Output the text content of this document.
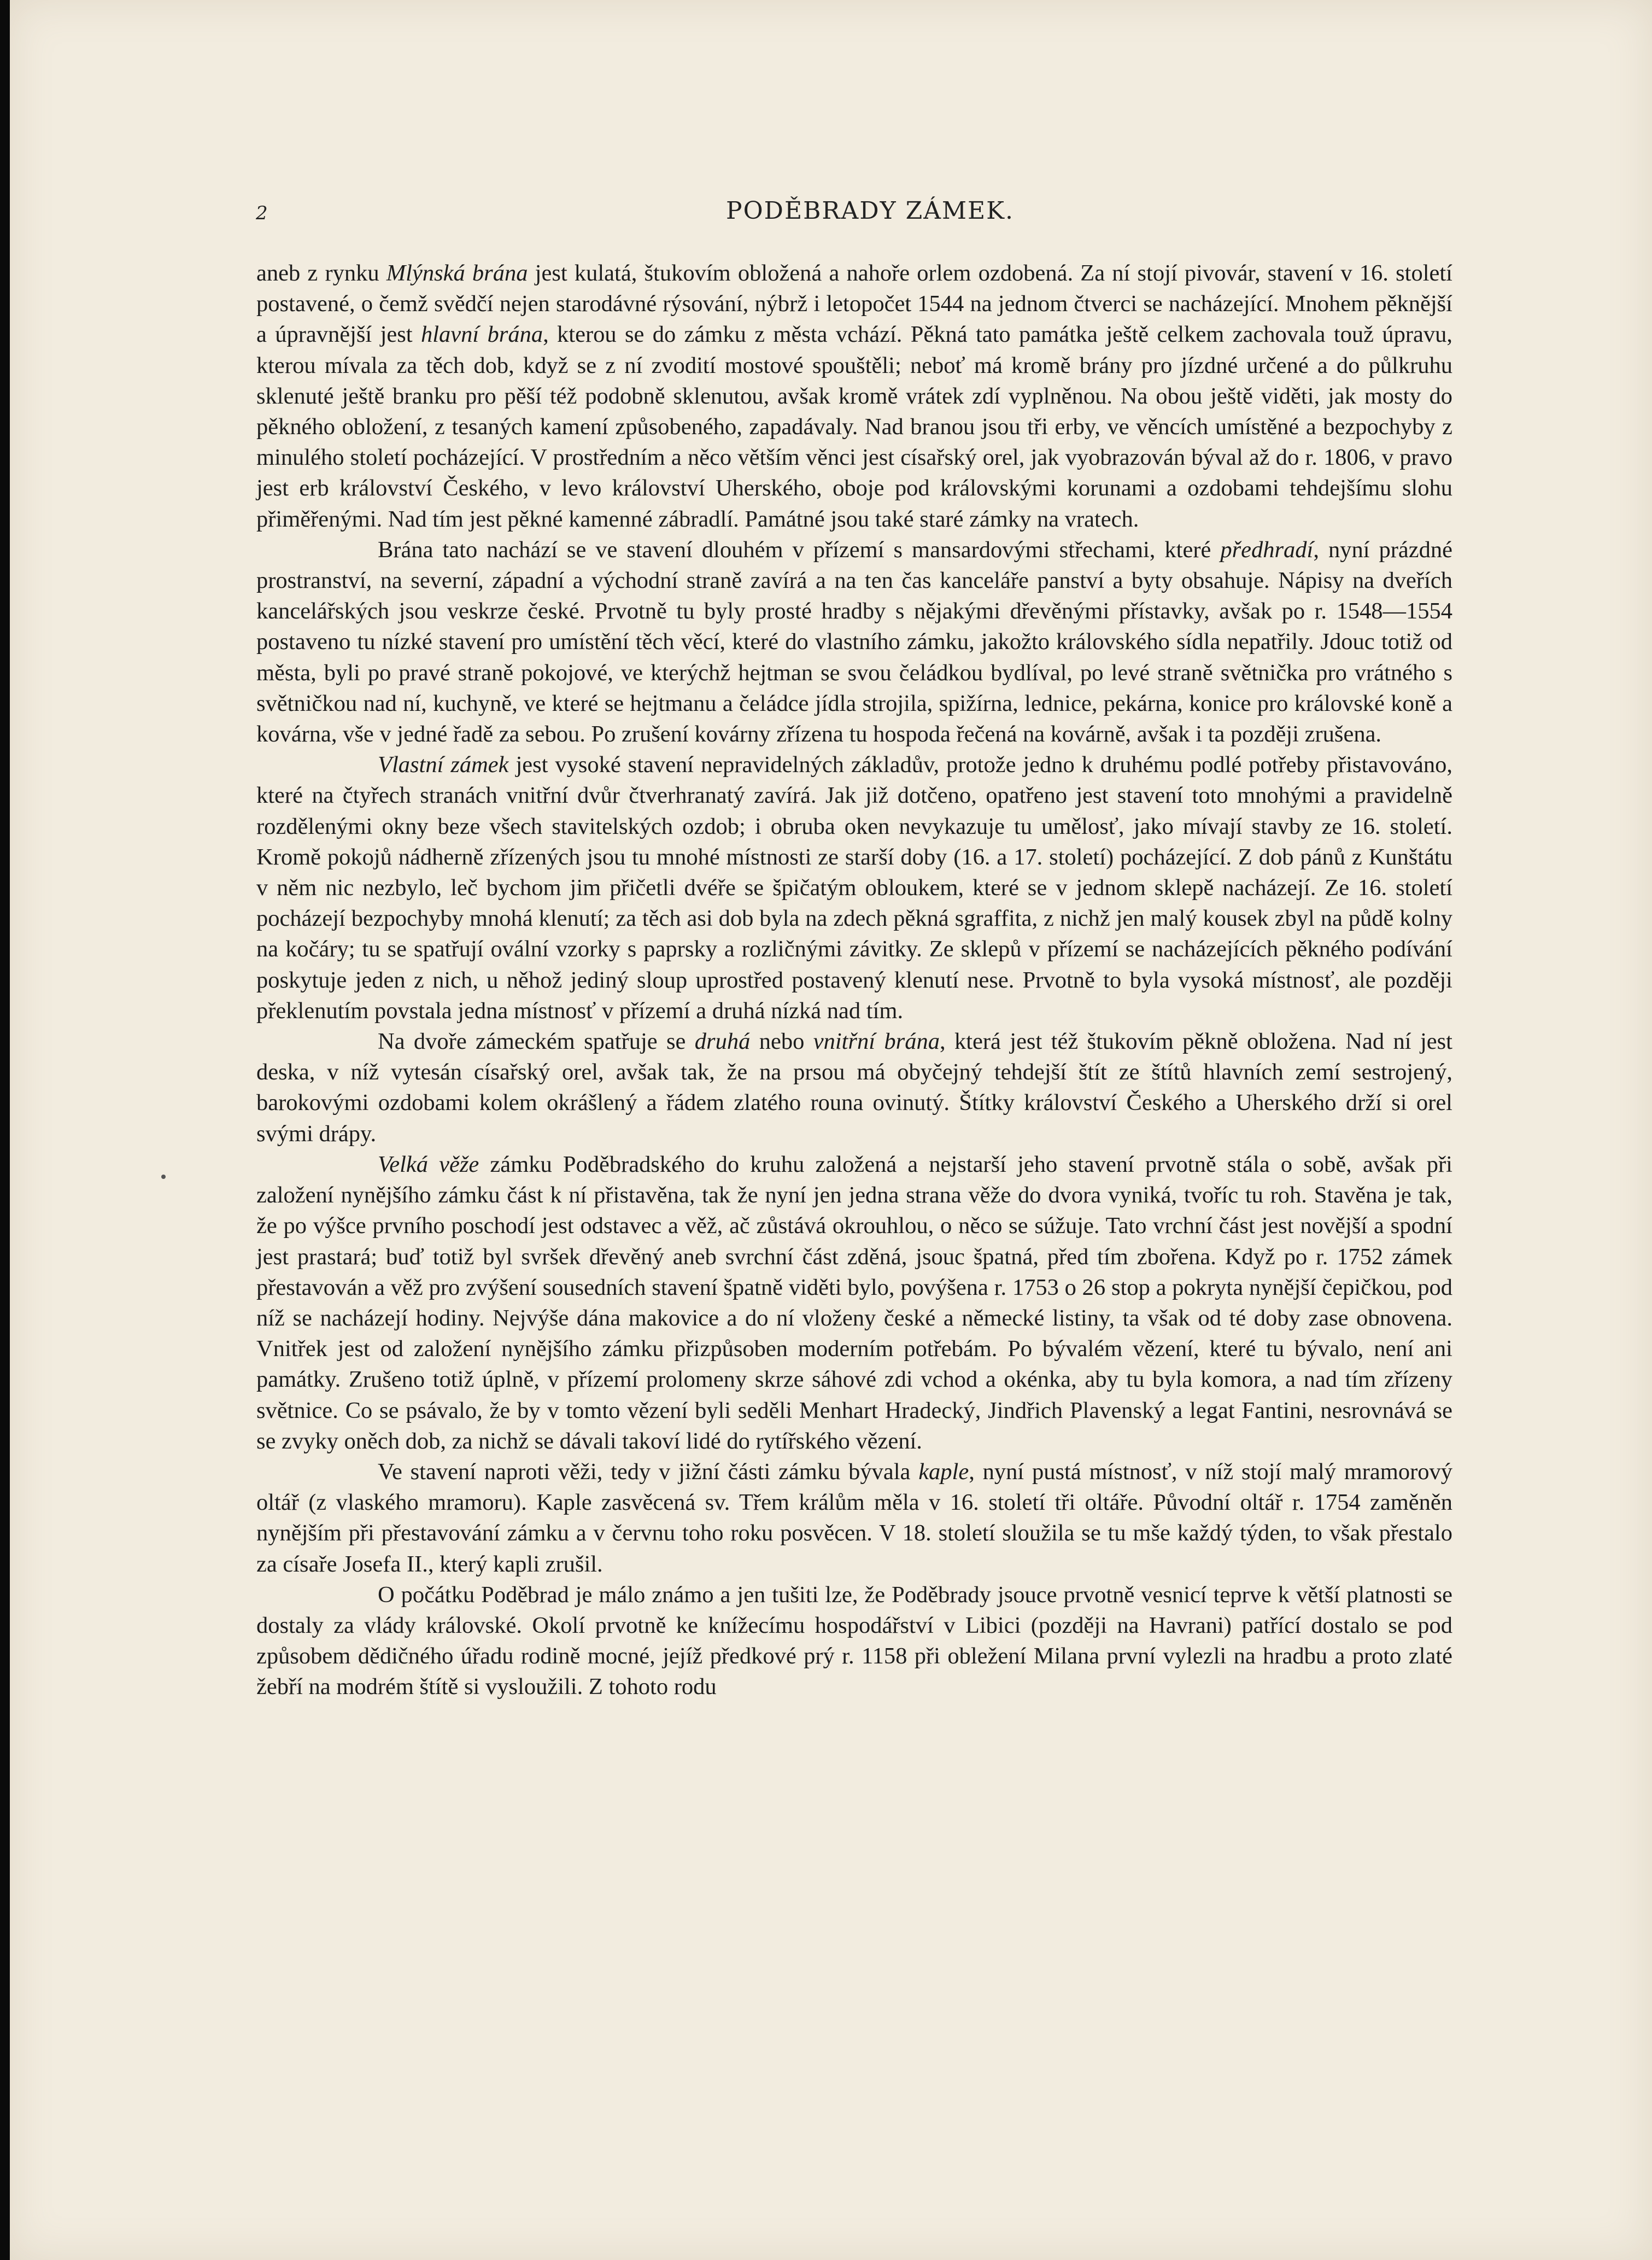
2	PODĚBRADY ZÁMEK.

aneb z rynku Mlýnská brána jest kulatá, štukovím obložená a nahoře orlem ozdobená. Za ní stojí pivovár, stavení v 16. století postavené, o čemž svědčí nejen starodávné rýsování, nýbrž i letopočet 1544 na jednom čtverci se nacházející. Mnohem pěknější a úpravnější jest hlavní brána, kterou se do zámku z města vchází. Pěkná tato památka ještě celkem zachovala touž úpravu, kterou mívala za těch dob, když se z ní zvodití mostové spouštěli; neboť má kromě brány pro jízdné určené a do půlkruhu sklenuté ještě branku pro pěší též podobně sklenutou, avšak kromě vrátek zdí vyplněnou. Na obou ještě viděti, jak mosty do pěkného obložení, z tesaných kamení způsobeného, zapadávaly. Nad branou jsou tři erby, ve věncích umístěné a bezpochyby z minulého století pocházející. V prostředním a něco větším věnci jest císařský orel, jak vyobrazován býval až do r. 1806, v pravo jest erb království Českého, v levo království Uherského, oboje pod královskými korunami a ozdobami tehdejšímu slohu přiměřenými. Nad tím jest pěkné kamenné zábradlí. Památné jsou také staré zámky na vratech.

Brána tato nachází se ve stavení dlouhém v přízemí s mansardovými střechami, které předhradí, nyní prázdné prostranství, na severní, západní a východní straně zavírá a na ten čas kanceláře panství a byty obsahuje. Nápisy na dveřích kancelářských jsou veskrze české. Prvotně tu byly prosté hradby s nějakými dřevěnými přístavky, avšak po r. 1548—1554 postaveno tu nízké stavení pro umístění těch věcí, které do vlastního zámku, jakožto královského sídla nepatřily. Jdouc totiž od města, byli po pravé straně pokojové, ve kterýchž hejtman se svou čeládkou bydlíval, po levé straně světnička pro vrátného s světničkou nad ní, kuchyně, ve které se hejtmanu a čeládce jídla strojila, spižírna, lednice, pekárna, konice pro královské koně a kovárna, vše v jedné řadě za sebou. Po zrušení kovárny zřízena tu hospoda řečená na kovárně, avšak i ta později zrušena.

Vlastní zámek jest vysoké stavení nepravidelných základův, protože jedno k druhému podlé potřeby přistavováno, které na čtyřech stranách vnitřní dvůr čtverhranatý zavírá. Jak již dotčeno, opatřeno jest stavení toto mnohými a pravidelně rozdělenými okny beze všech stavitelských ozdob; i obruba oken nevykazuje tu umělosť, jako mívají stavby ze 16. století. Kromě pokojů nádherně zřízených jsou tu mnohé místnosti ze starší doby (16. a 17. století) pocházející. Z dob pánů z Kunštátu v něm nic nezbylo, leč bychom jim přičetli dvéře se špičatým obloukem, které se v jednom sklepě nacházejí. Ze 16. století pocházejí bezpochyby mnohá klenutí; za těch asi dob byla na zdech pěkná sgraffita, z nichž jen malý kousek zbyl na půdě kolny na kočáry; tu se spatřují ovální vzorky s paprsky a rozličnými závitky. Ze sklepů v přízemí se nacházejících pěkného podívání poskytuje jeden z nich, u něhož jediný sloup uprostřed postavený klenutí nese. Prvotně to byla vysoká místnosť, ale později překlenutím povstala jedna místnosť v přízemí a druhá nízká nad tím.

Na dvoře zámeckém spatřuje se druhá nebo vnitřní brána, která jest též štukovím pěkně obložena. Nad ní jest deska, v níž vytesán císařský orel, avšak tak, že na prsou má obyčejný tehdejší štít ze štítů hlavních zemí sestrojený, barokovými ozdobami kolem okrášlený a řádem zlatého rouna ovinutý. Štítky království Českého a Uherského drží si orel svými drápy.

Velká věže zámku Poděbradského do kruhu založená a nejstarší jeho stavení prvotně stála o sobě, avšak při založení nynějšího zámku část k ní přistavěna, tak že nyní jen jedna strana věže do dvora vyniká, tvoříc tu roh. Stavěna je tak, že po výšce prvního poschodí jest odstavec a věž, ač zůstává okrouhlou, o něco se súžuje. Tato vrchní část jest novější a spodní jest prastará; buď totiž byl svršek dřevěný aneb svrchní část zděná, jsouc špatná, před tím zbořena. Když po r. 1752 zámek přestavován a věž pro zvýšení sousedních stavení špatně viděti bylo, povýšena r. 1753 o 26 stop a pokryta nynější čepičkou, pod níž se nacházejí hodiny. Nejvýše dána makovice a do ní vloženy české a německé listiny, ta však od té doby zase obnovena. Vnitřek jest od založení nynějšího zámku přizpůsoben moderním potřebám. Po bývalém vězení, které tu bývalo, není ani památky. Zrušeno totiž úplně, v přízemí prolomeny skrze sáhové zdi vchod a okénka, aby tu byla komora, a nad tím zřízeny světnice. Co se psávalo, že by v tomto vězení byli seděli Menhart Hradecký, Jindřich Plavenský a legat Fantini, nesrovnává se se zvyky oněch dob, za nichž se dávali takoví lidé do rytířského vězení.

Ve stavení naproti věži, tedy v jižní části zámku bývala kaple, nyní pustá místnosť, v níž stojí malý mramorový oltář (z vlaského mramoru). Kaple zasvěcená sv. Třem králům měla v 16. století tři oltáře. Původní oltář r. 1754 zaměněn nynějším při přestavování zámku a v červnu toho roku posvěcen. V 18. století sloužila se tu mše každý týden, to však přestalo za císaře Josefa II., který kapli zrušil.

O počátku Poděbrad je málo známo a jen tušiti lze, že Poděbrady jsouce prvotně vesnicí teprve k větší platnosti se dostaly za vlády královské. Okolí prvotně ke knížecímu hospodářství v Libici (později na Havrani) patřící dostalo se pod způsobem dědičného úřadu rodině mocné, jejíž předkové prý r. 1158 při obležení Milana první vylezli na hradbu a proto zlaté žebří na modrém štítě si vysloužili. Z tohoto rodu
